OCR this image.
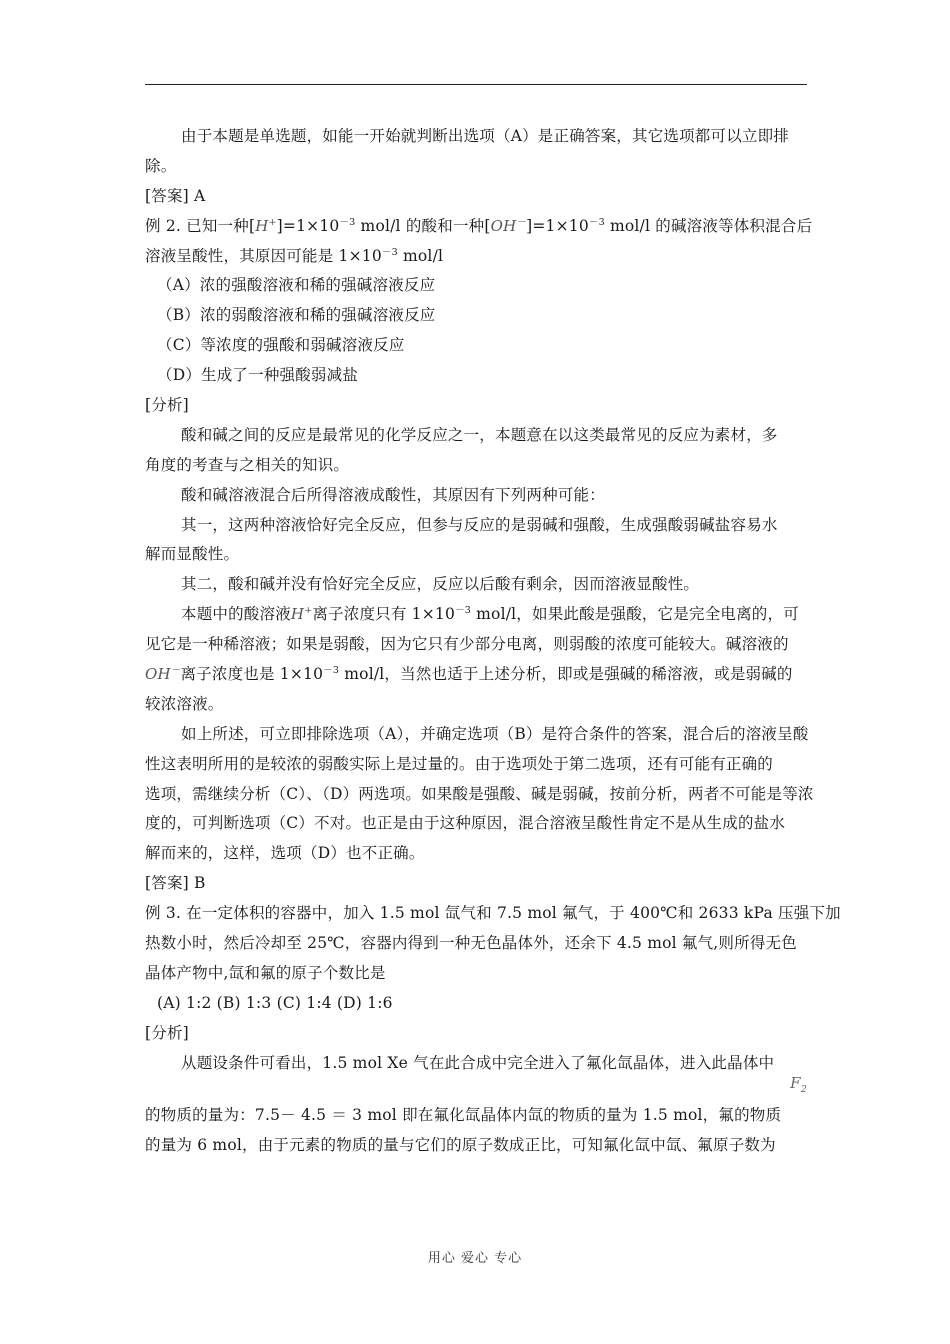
由于本题是单选题，如能一开始就判断出选项（A）是正确答案，其它选项都可以立即排
除。
[答案] A
例 2. 已知一种$[H^+]=1\times 10^{-3}$ mol/l 的酸和一种$[OH^-]=1\times 10^{-3}$ mol/l 的碱溶液等体积混合后
溶液呈酸性，其原因可能是 $1\times 10^{-3}$ mol/l
（A）浓的强酸溶液和稀的强碱溶液反应
（B）浓的弱酸溶液和稀的强碱溶液反应
（C）等浓度的强酸和弱碱溶液反应
（D）生成了一种强酸弱减盐
[分析]
酸和碱之间的反应是最常见的化学反应之一，本题意在以这类最常见的反应为素材，多
角度的考查与之相关的知识。
酸和碱溶液混合后所得溶液成酸性，其原因有下列两种可能：
其一，这两种溶液恰好完全反应，但参与反应的是弱碱和强酸，生成强酸弱碱盐容易水
解而显酸性。
其二，酸和碱并没有恰好完全反应，反应以后酸有剩余，因而溶液显酸性。
本题中的酸溶液H+离子浓度只有 $1\times 10^{-3}$ mol/l，如果此酸是强酸，它是完全电离的，可
见它是一种稀溶液；如果是弱酸，因为它只有少部分电离，则弱酸的浓度可能较大。碱溶液的
OH－离子浓度也是 $1\times 10^{-3}$ mol/l，当然也适于上述分析，即或是强碱的稀溶液，或是弱碱的
较浓溶液。
如上所述，可立即排除选项（A），并确定选项（B）是符合条件的答案，混合后的溶液呈酸
性这表明所用的是较浓的弱酸实际上是过量的。由于选项处于第二选项，还有可能有正确的
选项，需继续分析（C）、（D）两选项。如果酸是强酸、碱是弱碱，按前分析，两者不可能是等浓
度的，可判断选项（C）不对。也正是由于这种原因，混合溶液呈酸性肯定不是从生成的盐水
解而来的，这样，选项（D）也不正确。
[答案] B
例 3. 在一定体积的容器中，加入 1.5 mol 氙气和 7.5 mol 氟气，于 400℃和 2633 kPa 压强下加
热数小时，然后冷却至 25℃，容器内得到一种无色晶体外，还余下 4.5 mol 氟气,则所得无色
晶体产物中,氙和氟的原子个数比是
(A) 1:2 (B) 1:3 (C) 1:4 (D) 1:6
[分析]
从题设条件可看出，1.5 mol Xe 气在此合成中完全进入了氟化氙晶体，进入此晶体中
$F_2$
的物质的量为：7.5－ 4.5 ＝ 3 mol 即在氟化氙晶体内氙的物质的量为 1.5 mol，氟的物质
的量为 6 mol，由于元素的物质的量与它们的原子数成正比，可知氟化氙中氙、氟原子数为
用心 爱心 专心
